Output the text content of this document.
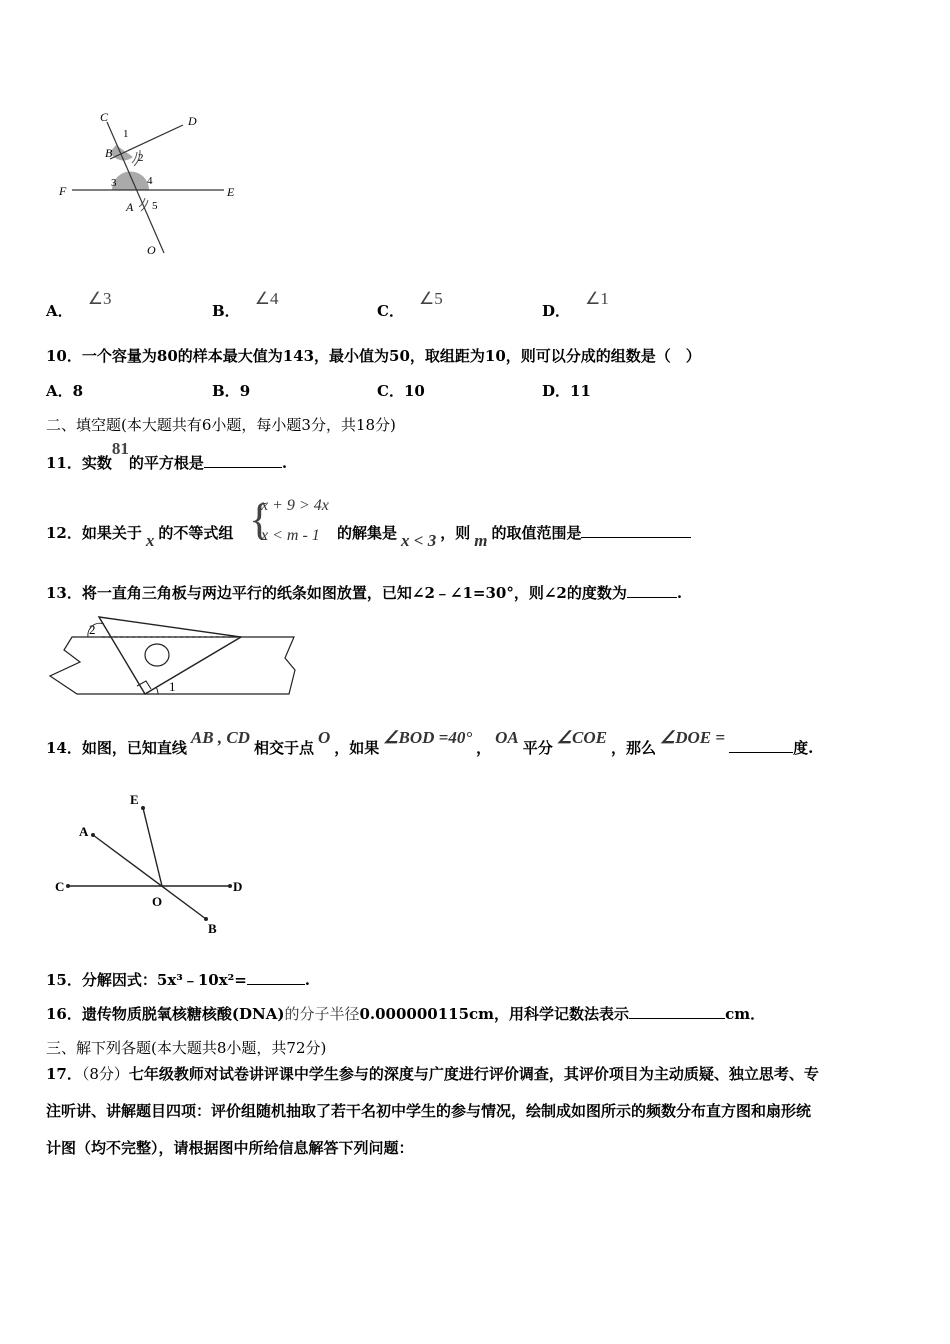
C	D
B
F	E
A
O
1
2
3	4
5
A． ∠3
B． ∠4
C． ∠5
D． ∠1
10．一个容量为80的样本最大值为143，最小值为50，取组距为10，则可以分成的组数是（　）
A．8	B．9	C．10	D．11
二、填空题(本大题共有6小题，每小题3分，共18分)
11．实数81的平方根是	.
12．如果关于 x 的不等式组 {
x + 9 > 4x
x < m - 1 的解集是 x < 3 ，则 m 的取值范围是
13．将一直角三角板与两边平行的纸条如图放置，已知∠2﹣∠1=30°，则∠2的度数为	.
2
1
14．如图，已知直线AB , CD相交于点O，如果∠BOD =40°，OA平分∠COE，那么∠DOE =度.
E
A
C
O
D
B
15．分解因式：5x³﹣10x²=	.
16．遗传物质脱氧核糖核酸(DNA)的分子半径0.000000115cm，用科学记数法表示	cm．
三、解下列各题(本大题共8小题，共72分)
17．（8分）七年级教师对试卷讲评课中学生参与的深度与广度进行评价调查，其评价项目为主动质疑、独立思考、专
注听讲、讲解题目四项：评价组随机抽取了若干名初中学生的参与情况，绘制成如图所示的频数分布直方图和扇形统
计图（均不完整），请根据图中所给信息解答下列问题：
